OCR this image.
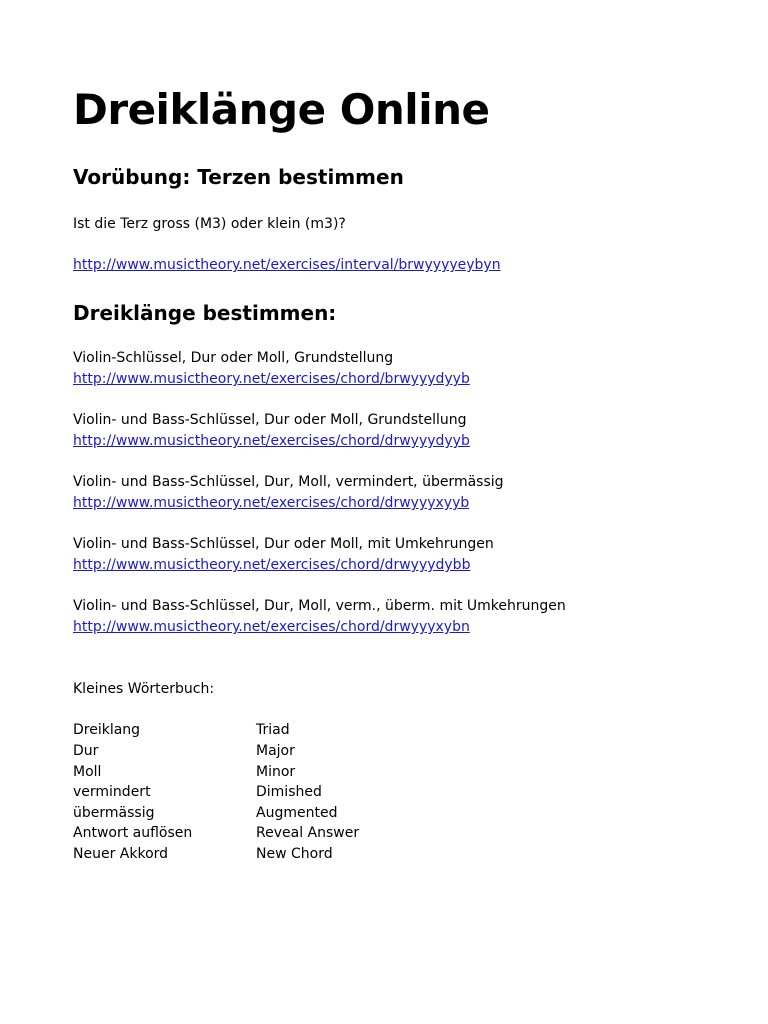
Dreiklänge Online
Vorübung: Terzen bestimmen

Ist die Terz gross (M3) oder klein (m3)?

http://www.musictheory.net/exercises/interval/brwyyyyeybyn

Dreiklänge bestimmen:

Violin-Schlüssel, Dur oder Moll, Grundstellung

http://www.musictheory.net/exercises/chord/brwyyydyyb

Violin- und Bass-Schlüssel, Dur oder Moll, Grundstellung

http://www.musictheory.net/exercises/chord/drwyyydyyb

Violin- und Bass-Schlüssel, Dur, Moll, vermindert, übermässig

http://www.musictheory.net/exercises/chord/drwyyyxyyb

Violin- und Bass-Schlüssel, Dur oder Moll, mit Umkehrungen

http://www.musictheory.net/exercises/chord/drwyyydybb

Violin- und Bass-Schlüssel, Dur, Moll, verm., überm. mit Umkehrungen

http://www.musictheory.net/exercises/chord/drwyyyxybn

Kleines Wörterbuch:

Dreiklang	Triad
Dur	Major
Moll	Minor
vermindert	Dimished
übermässig	Augmented
Antwort auflösen	Reveal Answer
Neuer Akkord	New Chord
